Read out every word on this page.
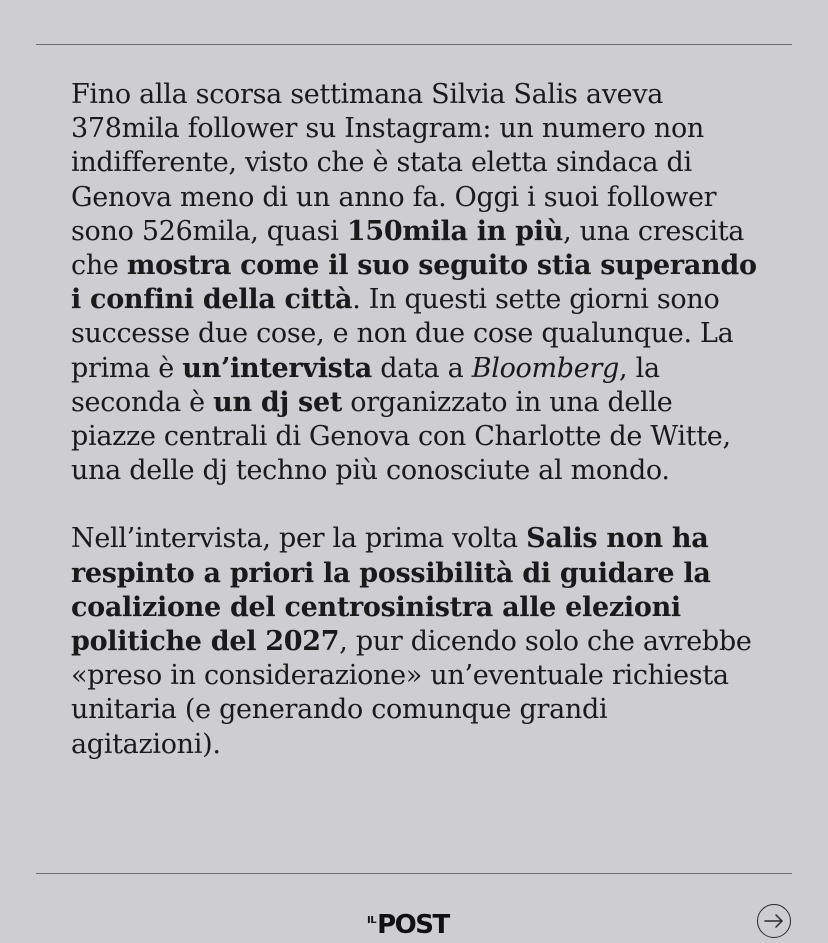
Fino alla scorsa settimana Silvia Salis aveva 378mila follower su Instagram: un numero non indifferente, visto che è stata eletta sindaca di Genova meno di un anno fa. Oggi i suoi follower sono 526mila, quasi 150mila in più, una crescita che mostra come il suo seguito stia superando i confini della città. In questi sette giorni sono successe due cose, e non due cose qualunque. La prima è un’intervista data a Bloomberg, la seconda è un dj set organizzato in una delle piazze centrali di Genova con Charlotte de Witte, una delle dj techno più conosciute al mondo.

Nell’intervista, per la prima volta Salis non ha respinto a priori la possibilità di guidare la coalizione del centrosinistra alle elezioni politiche del 2027, pur dicendo solo che avrebbe «preso in considerazione» un’eventuale richiesta unitaria (e generando comunque grandi agitazioni).

IL POST
